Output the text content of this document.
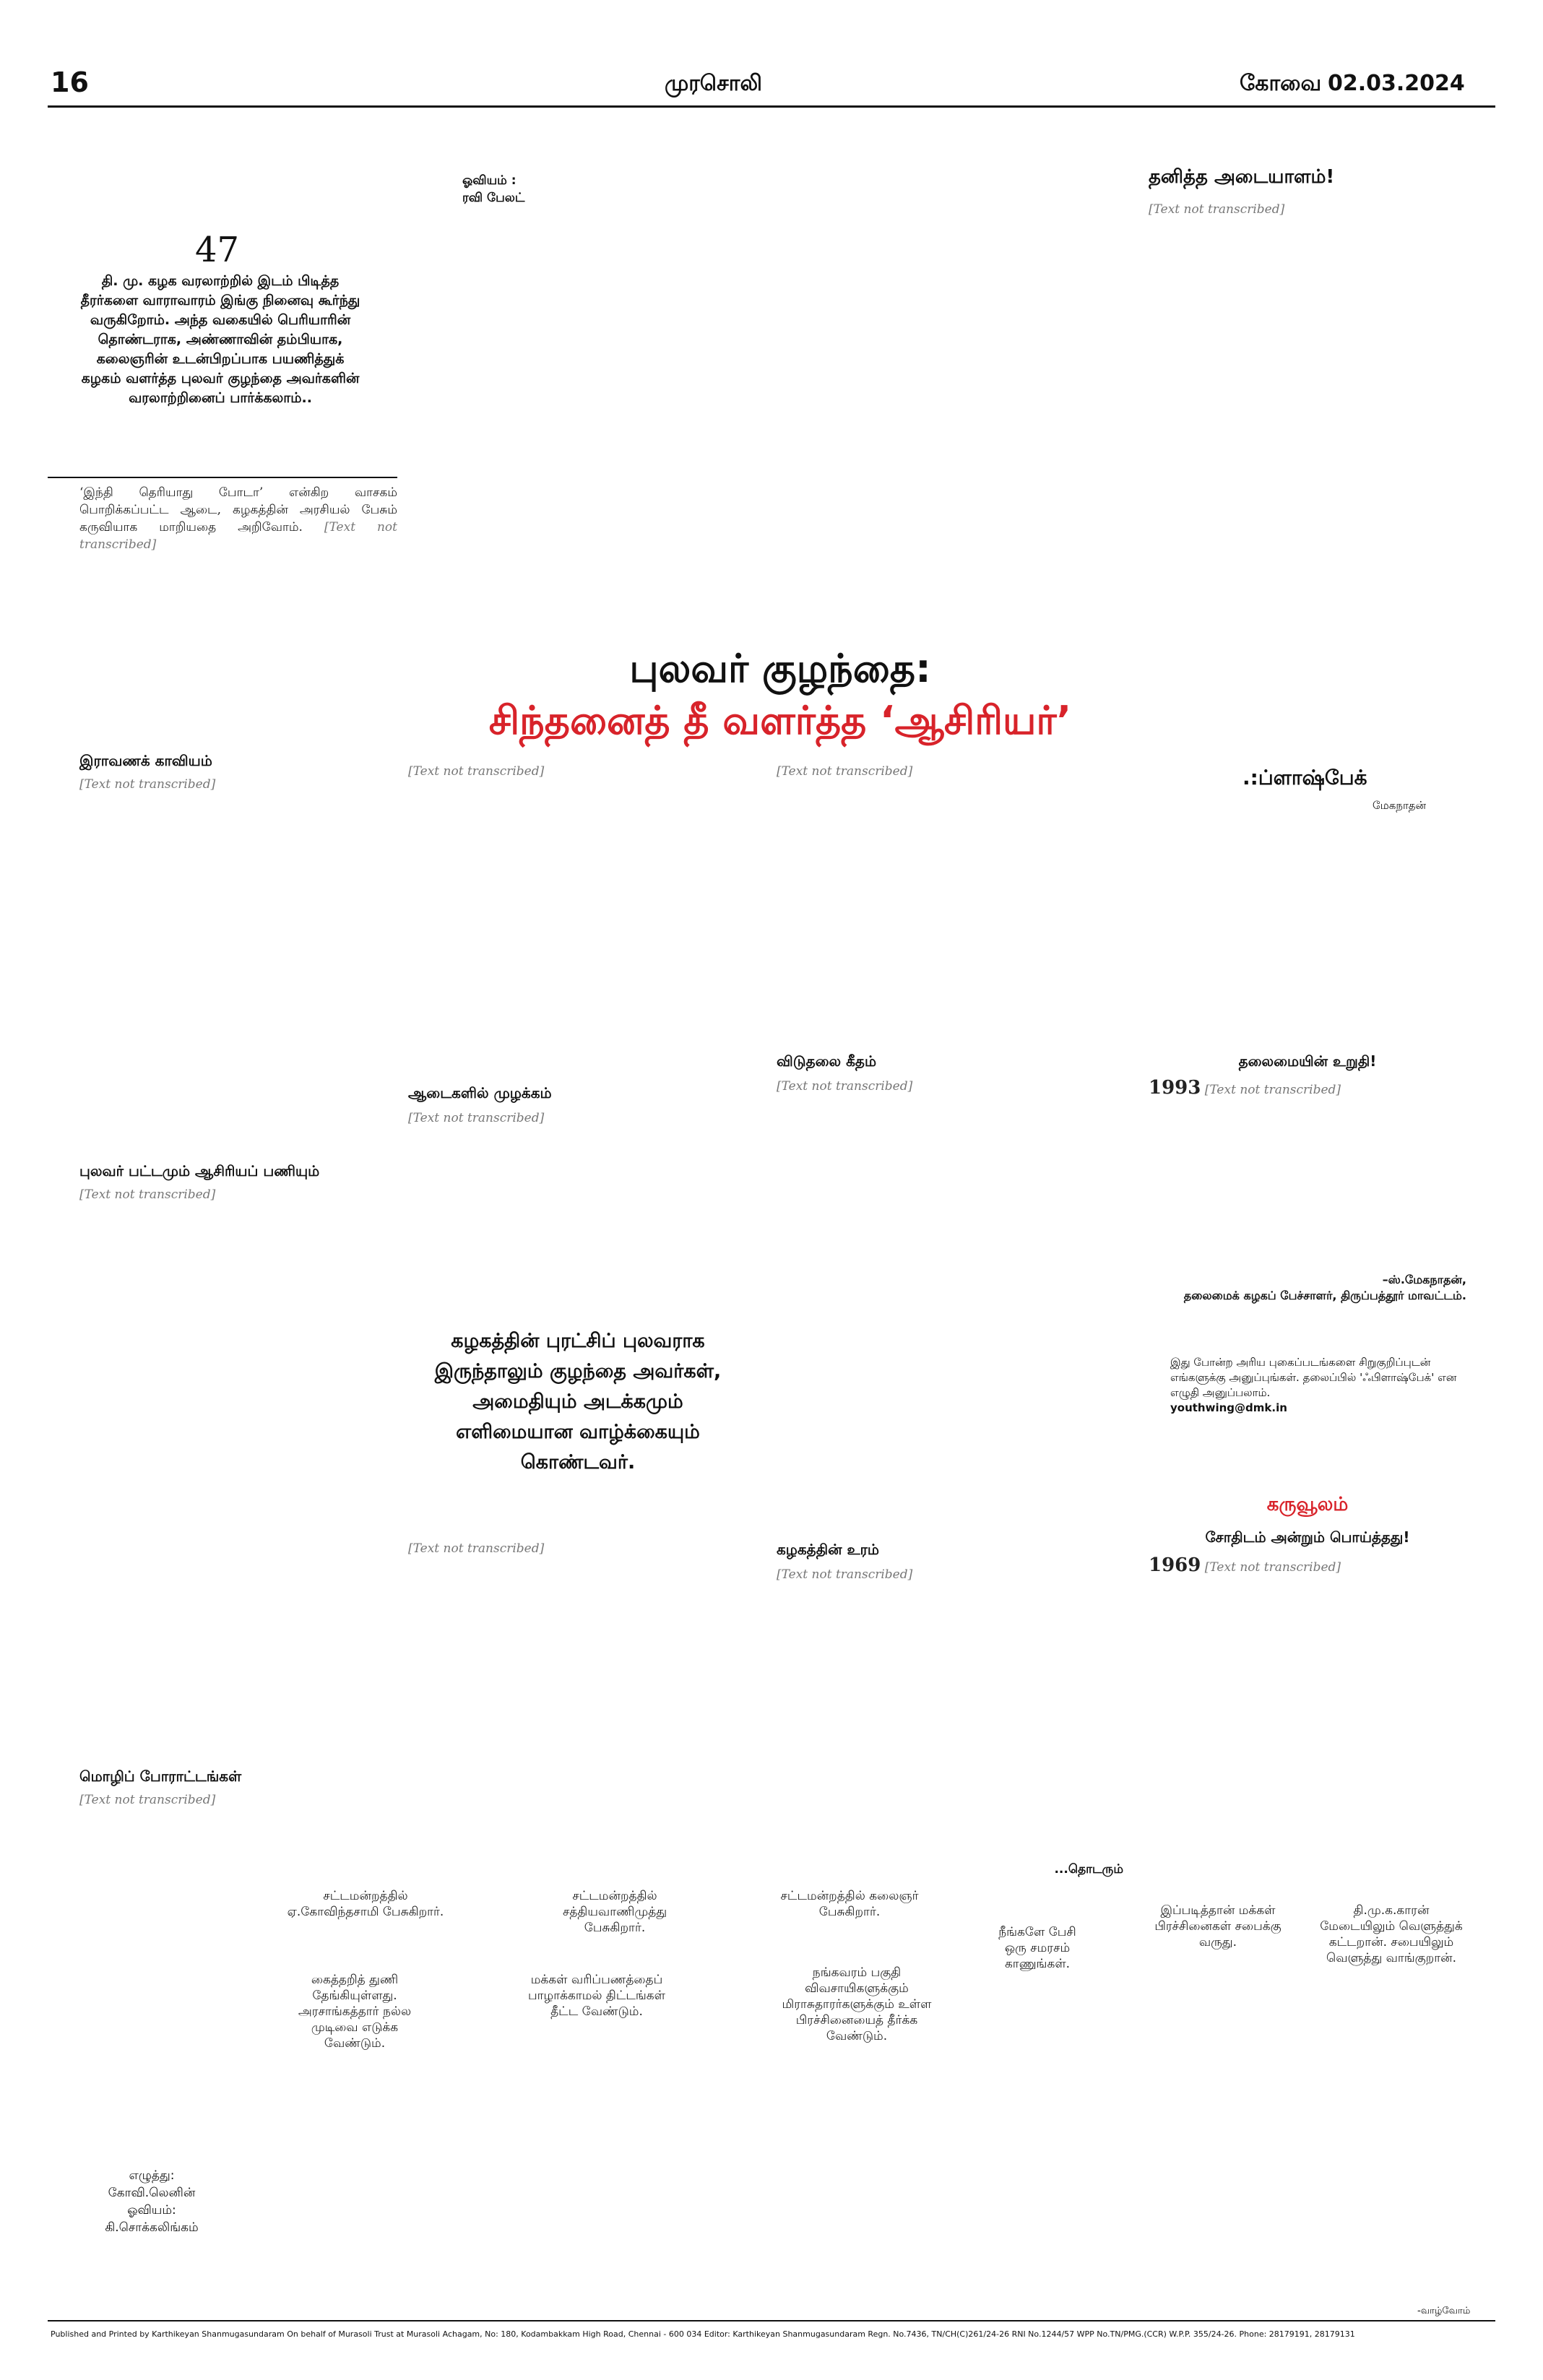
16	முரசொலி	கோவை 02.03.2024
ஓவியம் :
ரவி பேலட்
47
தி. மு. கழக வரலாற்றில் இடம் பிடித்த தீரர்களை வாராவாரம் இங்கு நினைவு கூர்ந்து வருகிறோம். அந்த வகையில் பெரியாரின் தொண்டராக, அண்ணாவின் தம்பியாக, கலைஞரின் உடன்பிறப்பாக பயணித்துக் கழகம் வளர்த்த புலவர் குழந்தை அவர்களின் வரலாற்றினைப் பார்க்கலாம்..
‘இந்தி தெரியாது போடா’ என்கிற வாசகம் பொறிக்கப்பட்ட ஆடை, கழகத்தின் அரசியல் பேசும் கருவியாக மாறியதை அறிவோம். [Text not transcribed]
புலவர் குழந்தை:
சிந்தனைத் தீ வளர்த்த ‘ஆசிரியர்’
இராவணக் காவியம்
[Text not transcribed]
புலவர் பட்டமும் ஆசிரியப் பணியும்
[Text not transcribed]
மொழிப் போராட்டங்கள்
[Text not transcribed]
[Text not transcribed]
ஆடைகளில் முழக்கம்
[Text not transcribed]
கழகத்தின் புரட்சிப் புலவராக இருந்தாலும் குழந்தை அவர்கள், அமைதியும் அடக்கமும் எளிமையான வாழ்க்கையும் கொண்டவர்.
[Text not transcribed]
[Text not transcribed]
விடுதலை கீதம்
[Text not transcribed]
கழகத்தின் உரம்
[Text not transcribed]
...தொடரும்
தனித்த அடையாளம்!
[Text not transcribed]
.:ப்ளாஷ்பேக்
மேகநாதன்
தலைமையின் உறுதி!
1993 [Text not transcribed]
–ஸ்.மேகநாதன்,
தலைமைக் கழகப் பேச்சாளர், திருப்பத்தூர் மாவட்டம்.
இது போன்ற அரிய புகைப்படங்களை சிறுகுறிப்புடன் எங்களுக்கு அனுப்புங்கள். தலைப்பில் 'ஃபிளாஷ்பேக்' என எழுதி அனுப்பலாம்.
youthwing@dmk.in
கருவூலம்
சோதிடம் அன்றும் பொய்த்தது!
1969 [Text not transcribed]
சட்டமன்றத்தில் ஏ.கோவிந்தசாமி பேசுகிறார்.
கைத்தறித் துணி தேங்கியுள்ளது. அரசாங்கத்தார் நல்ல முடிவை எடுக்க வேண்டும்.
சட்டமன்றத்தில் சத்தியவாணிமுத்து பேசுகிறார்.
மக்கள் வரிப்பணத்தைப் பாழாக்காமல் திட்டங்கள் தீட்ட வேண்டும்.
சட்டமன்றத்தில் கலைஞர் பேசுகிறார்.
நங்கவரம் பகுதி விவசாயிகளுக்கும் மிராசுதாரர்களுக்கும் உள்ள பிரச்சினையைத் தீர்க்க வேண்டும்.
நீங்களே பேசி ஒரு சமரசம் காணுங்கள்.
இப்படித்தான் மக்கள் பிரச்சினைகள் சபைக்கு வருது.
தி.மு.க.காரன் மேடையிலும் வெளுத்துக் கட்டறான். சபையிலும் வெளுத்து வாங்குறான்.
எழுத்து:
கோவி.லெனின்
ஓவியம்:
கி.சொக்கலிங்கம்
-வாழ்வோம்
Published and Printed by Karthikeyan Shanmugasundaram On behalf of Murasoli Trust at Murasoli Achagam, No: 180, Kodambakkam High Road, Chennai - 600 034 Editor: Karthikeyan Shanmugasundaram Regn. No.7436, TN/CH(C)261/24-26 RNI No.1244/57 WPP No.TN/PMG.(CCR) W.P.P. 355/24-26. Phone: 28179191, 28179131
